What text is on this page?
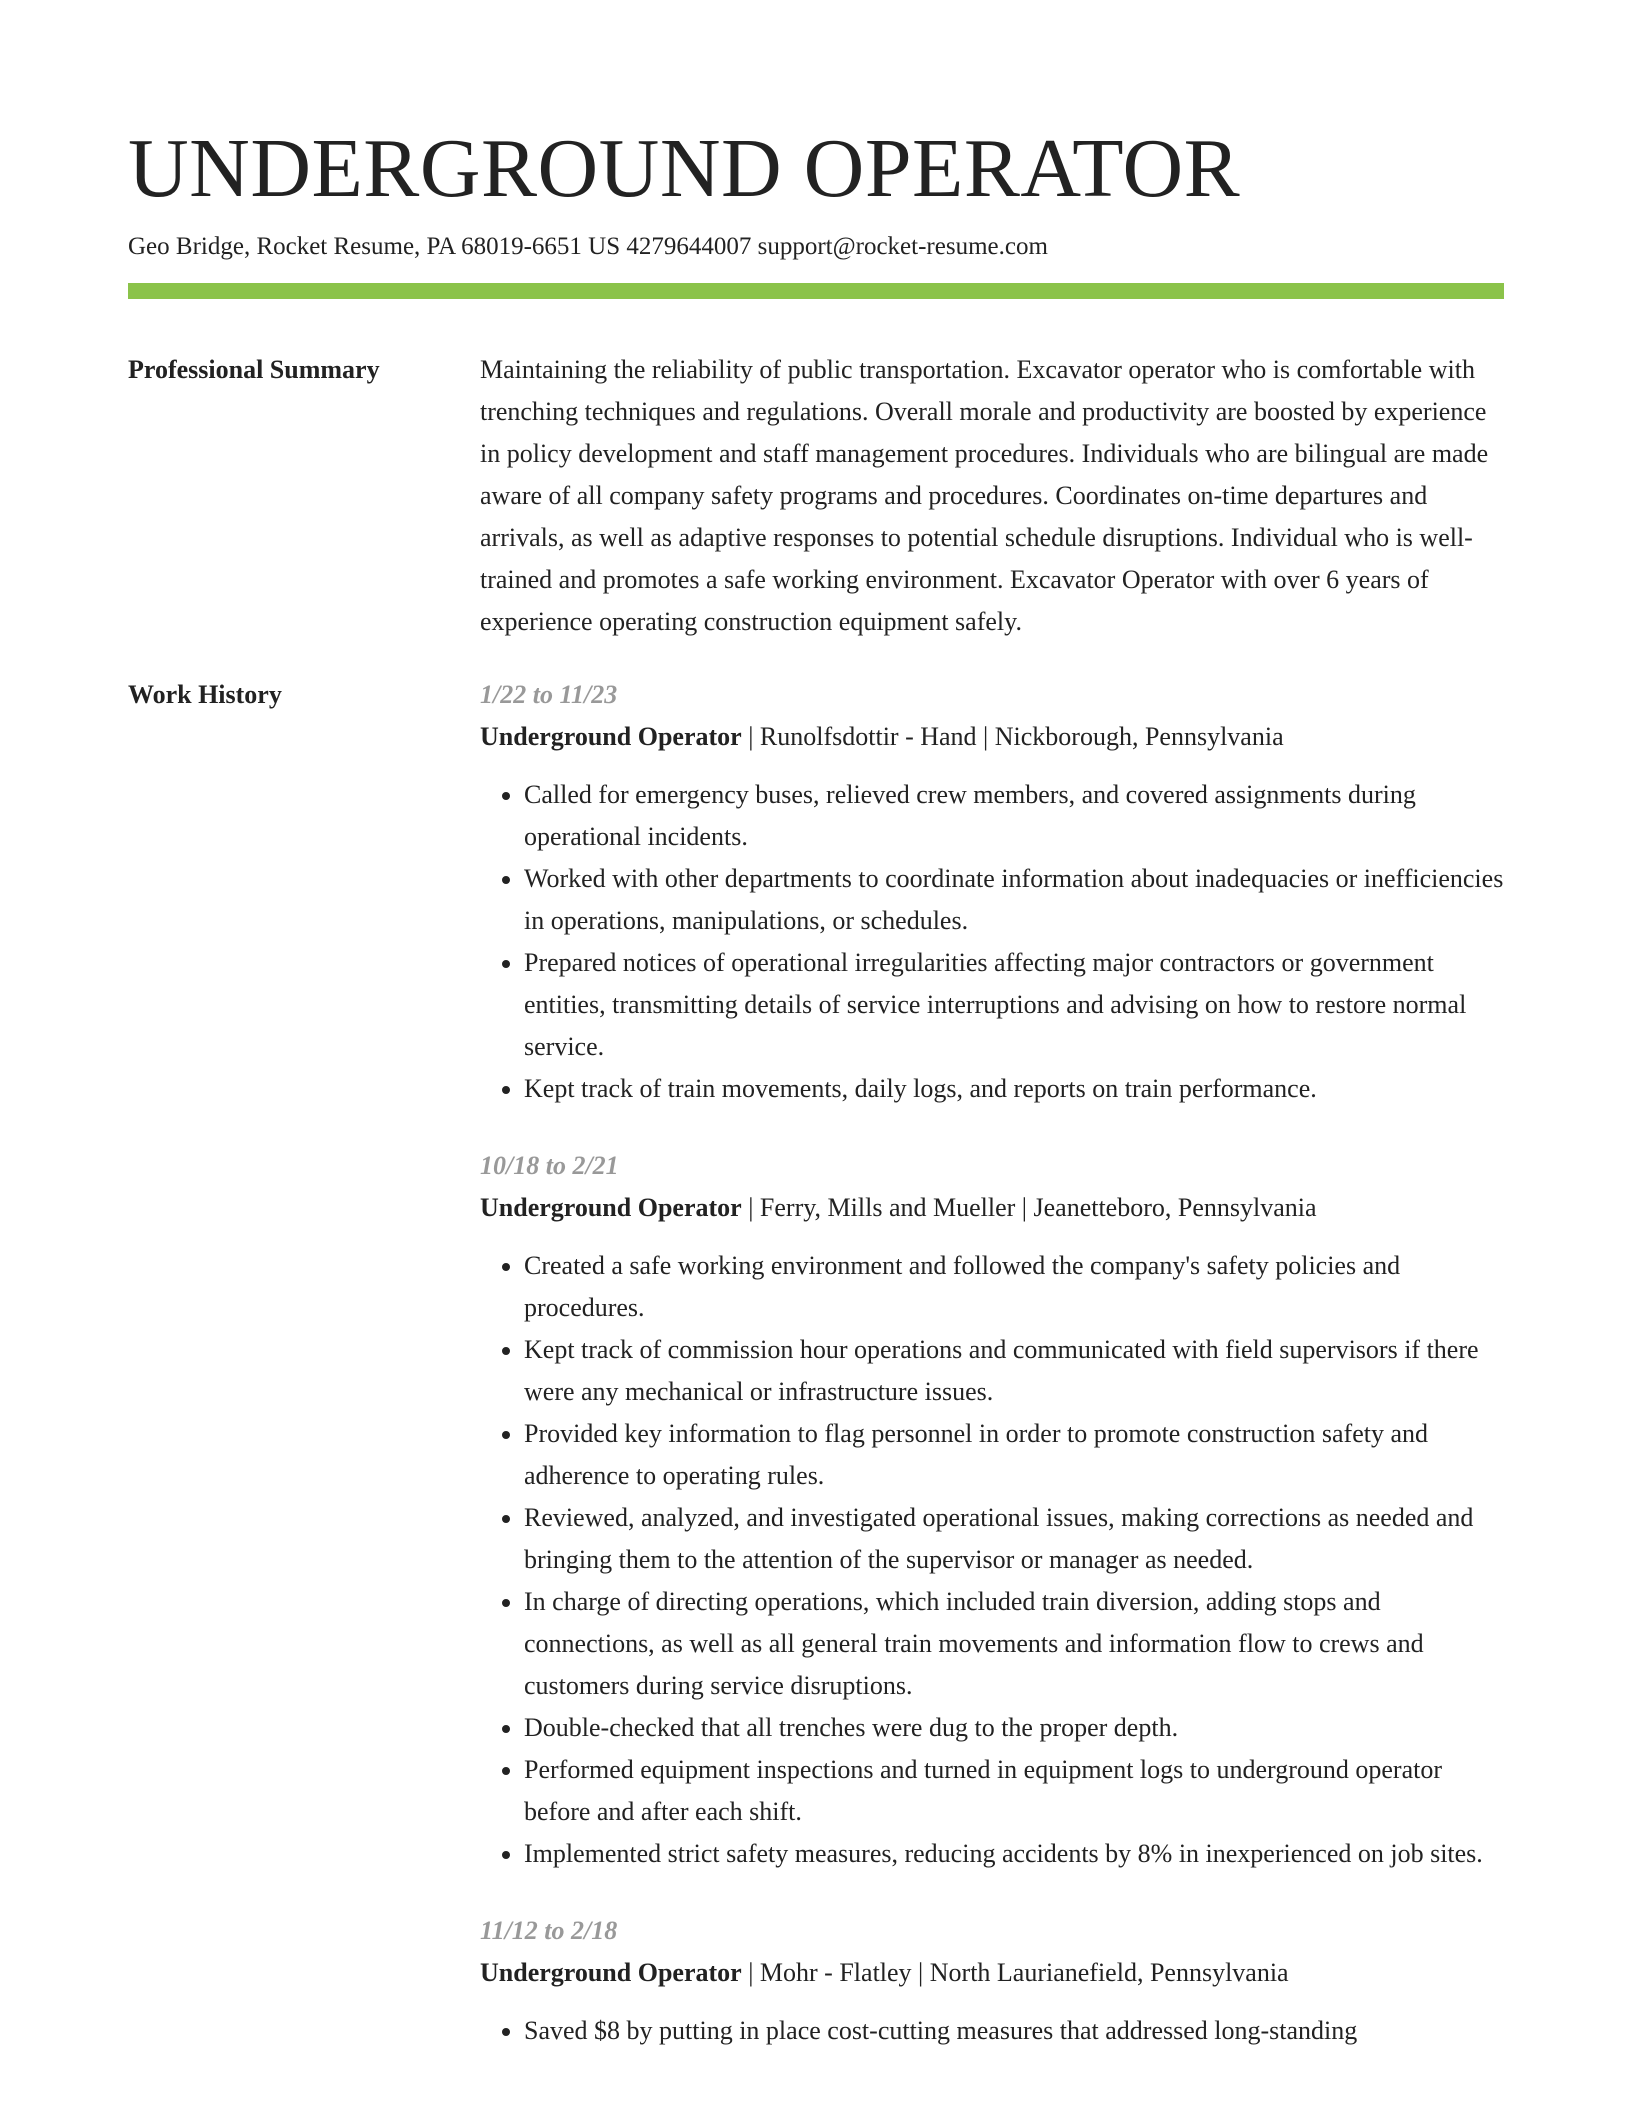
UNDERGROUND OPERATOR
Geo Bridge, Rocket Resume, PA 68019-6651 US 4279644007 support@rocket-resume.com
Professional Summary	Maintaining the reliability of public transportation. Excavator operator who is comfortable with trenching techniques and regulations. Overall morale and productivity are boosted by experience in policy development and staff management procedures. Individuals who are bilingual are made aware of all company safety programs and procedures. Coordinates on-time departures and arrivals, as well as adaptive responses to potential schedule disruptions. Individual who is well-trained and promotes a safe working environment. Excavator Operator with over 6 years of experience operating construction equipment safely.

Work History	1/22 to 11/23
Underground Operator | Runolfsdottir - Hand | Nickborough, Pennsylvania
• Called for emergency buses, relieved crew members, and covered assignments during operational incidents.
• Worked with other departments to coordinate information about inadequacies or inefficiencies in operations, manipulations, or schedules.
• Prepared notices of operational irregularities affecting major contractors or government entities, transmitting details of service interruptions and advising on how to restore normal service.
• Kept track of train movements, daily logs, and reports on train performance.
10/18 to 2/21
Underground Operator | Ferry, Mills and Mueller | Jeanetteboro, Pennsylvania
• Created a safe working environment and followed the company's safety policies and procedures.
• Kept track of commission hour operations and communicated with field supervisors if there were any mechanical or infrastructure issues.
• Provided key information to flag personnel in order to promote construction safety and adherence to operating rules.
• Reviewed, analyzed, and investigated operational issues, making corrections as needed and bringing them to the attention of the supervisor or manager as needed.
• In charge of directing operations, which included train diversion, adding stops and connections, as well as all general train movements and information flow to crews and customers during service disruptions.
• Double-checked that all trenches were dug to the proper depth.
• Performed equipment inspections and turned in equipment logs to underground operator before and after each shift.
• Implemented strict safety measures, reducing accidents by 8% in inexperienced on job sites.
11/12 to 2/18
Underground Operator | Mohr - Flatley | North Laurianefield, Pennsylvania
• Saved $8 by putting in place cost-cutting measures that addressed long-standing
